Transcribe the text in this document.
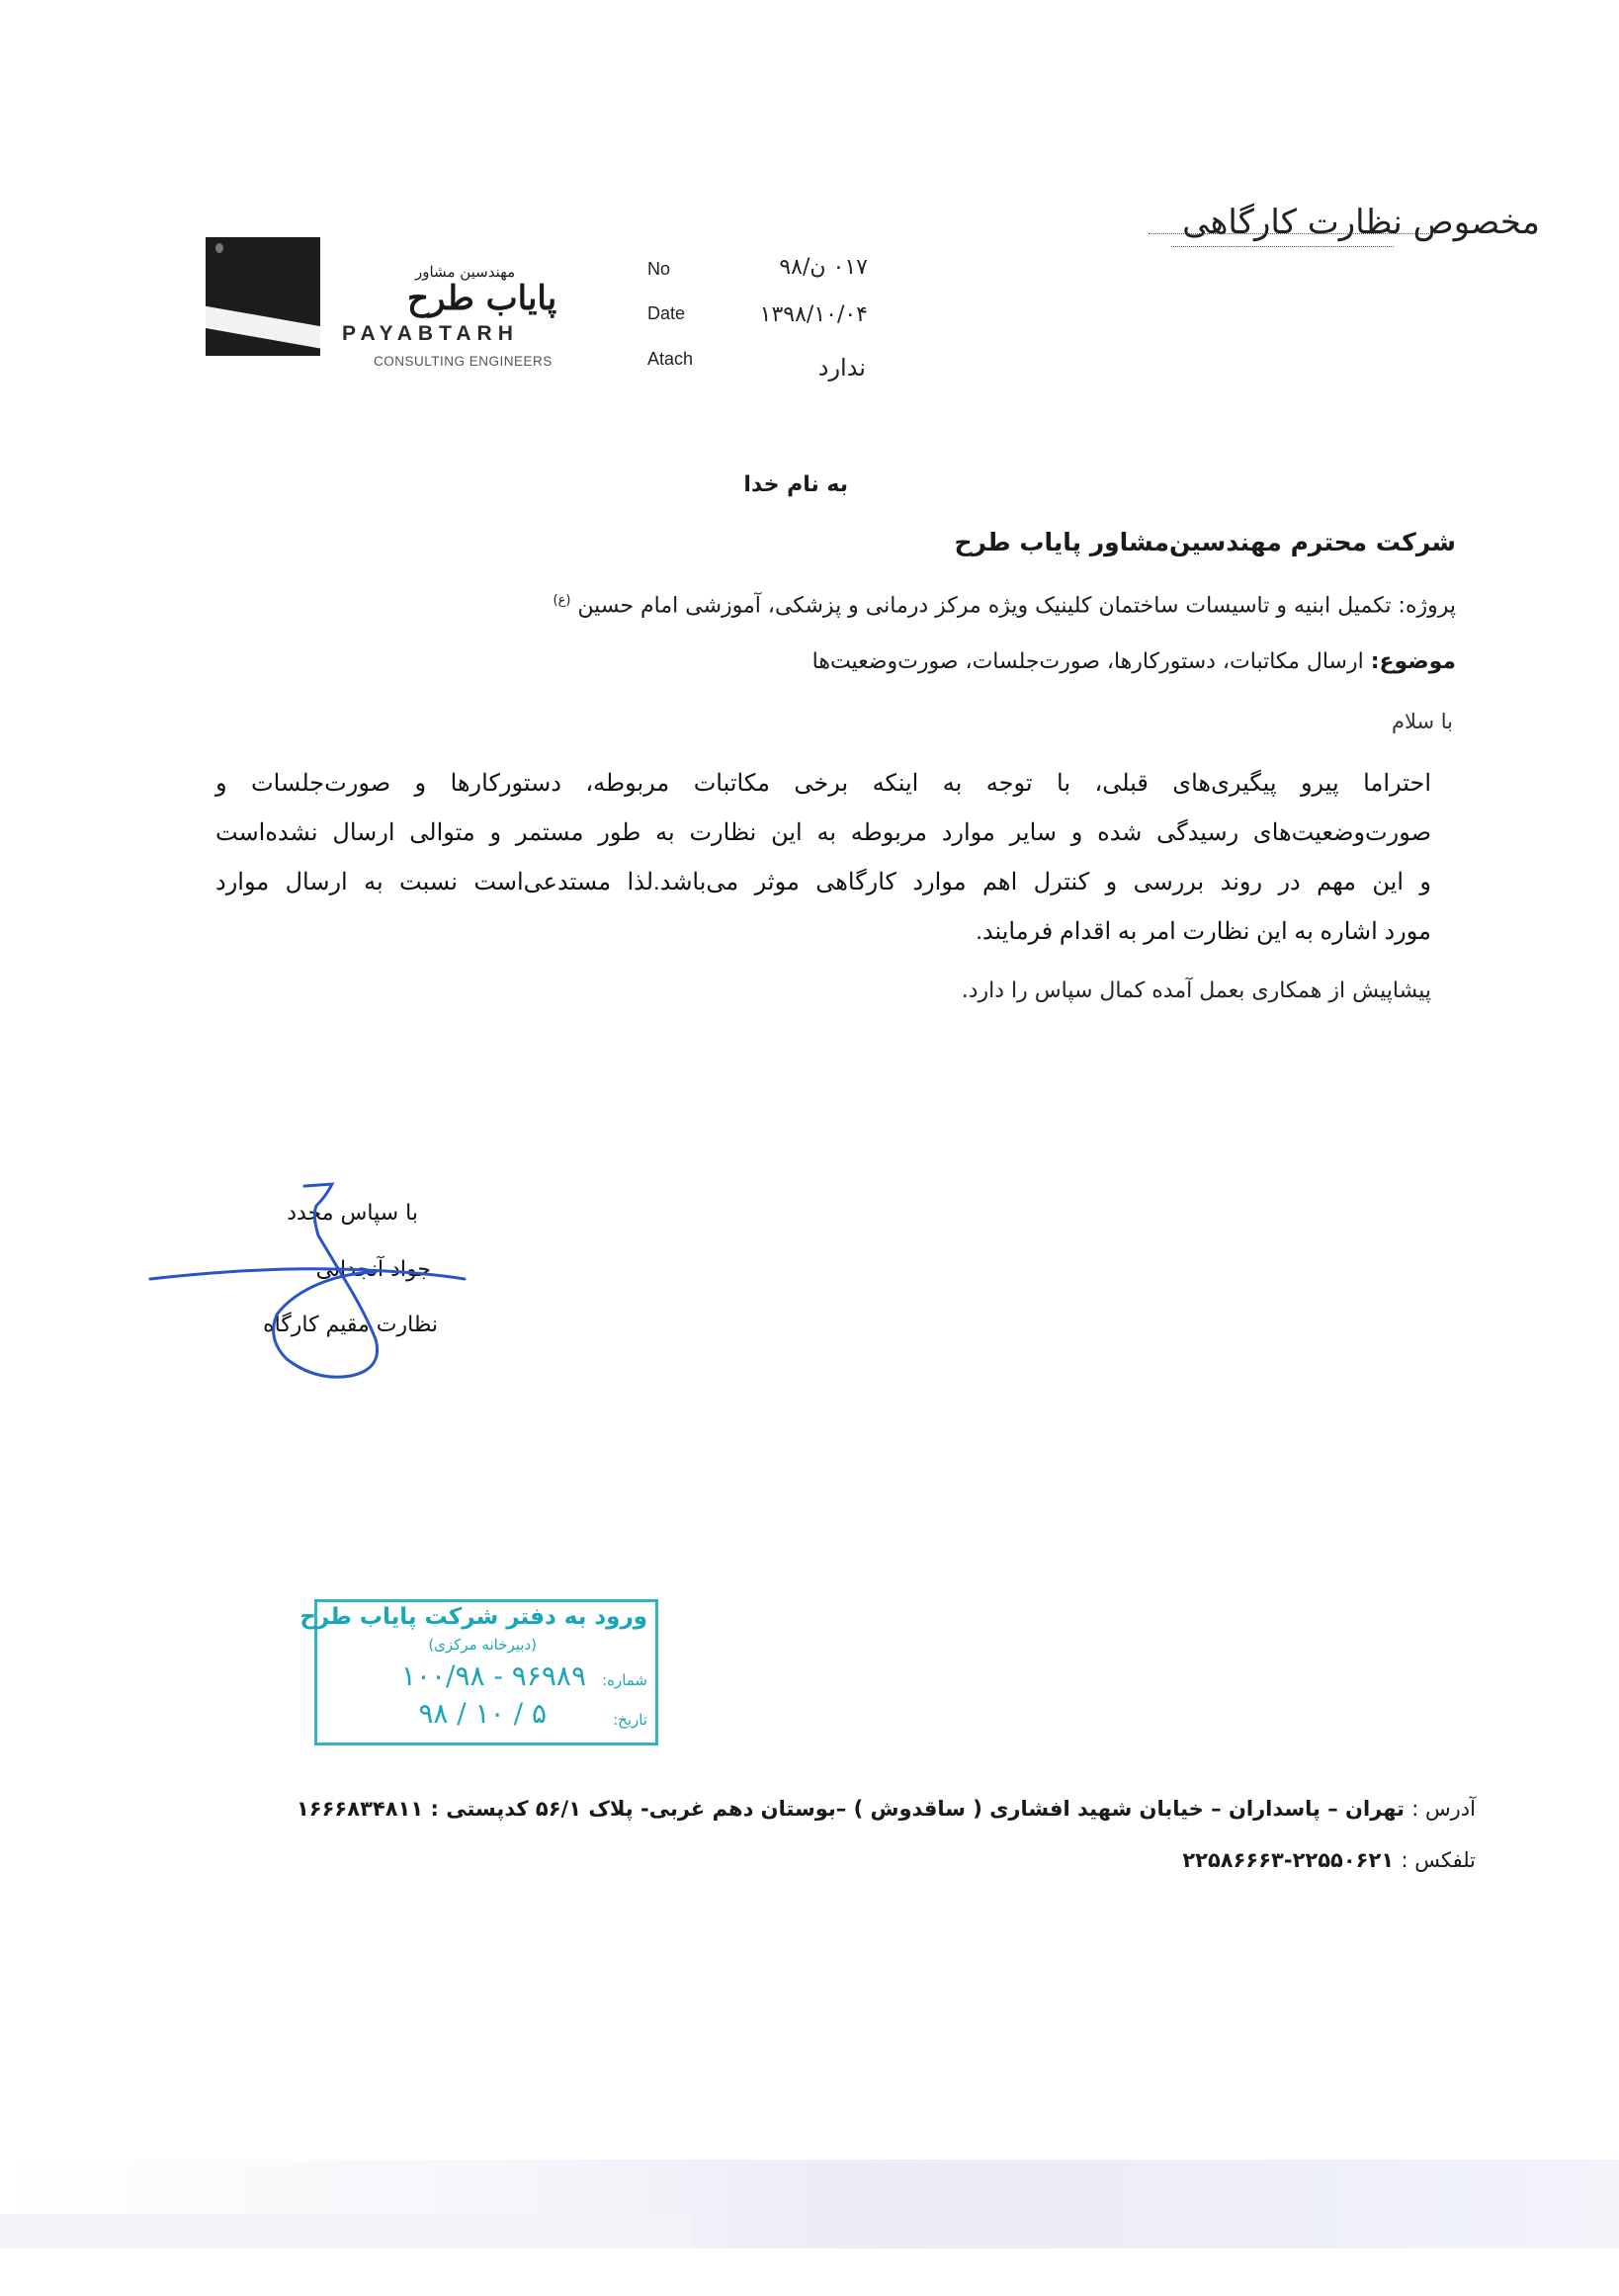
مخصوص نظارت کارگاهی
مهندسین مشاور
پایاب طرح
PAYABTARH
CONSULTING ENGINEERS
No
Date
Atach
۰۱۷ ن/۹۸
۱۳۹۸/۱۰/۰۴
ندارد
به نام خدا
شرکت محترم مهندسین‌مشاور پایاب طرح
پروژه: تکمیل ابنیه و تاسیسات ساختمان کلینیک ویژه مرکز درمانی و پزشکی، آموزشی امام حسین $^{(ع)}$
موضوع: ارسال مکاتبات، دستورکارها، صورت‌جلسات، صورت‌وضعیت‌ها
با سلام
احتراما پیرو پیگیری‌های قبلی، با توجه به اینکه برخی مکاتبات مربوطه، دستورکارها و صورت‌جلسات و
صورت‌وضعیت‌های رسیدگی شده و سایر موارد مربوطه به این نظارت به طور مستمر و متوالی ارسال نشده‌است
و این مهم در روند بررسی و کنترل اهم موارد کارگاهی موثر می‌باشد.لذا مستدعی‌است نسبت به ارسال موارد
مورد اشاره به این نظارت امر به اقدام فرمایند.
پیشاپیش از همکاری بعمل آمده کمال سپاس را دارد.
با سپاس مجدد
جواد آنجدانی
نظارت مقیم کارگاه
ورود به دفتر شرکت پایاب طرح
(دبیرخانه مرکزی)
شماره:
۱۰۰/۹۸ - ۹۶۹۸۹
تاریخ:
۹۸ / ۱۰ / ۵
آدرس : تهران – پاسداران – خیابان شهید افشاری ( ساقدوش ) –بوستان دهم غربی- پلاک ۵۶/۱ کدپستی : ۱۶۶۶۸۳۴۸۱۱
تلفکس : ۲۲۵۵۰۶۲۱-۲۲۵۸۶۶۶۳
